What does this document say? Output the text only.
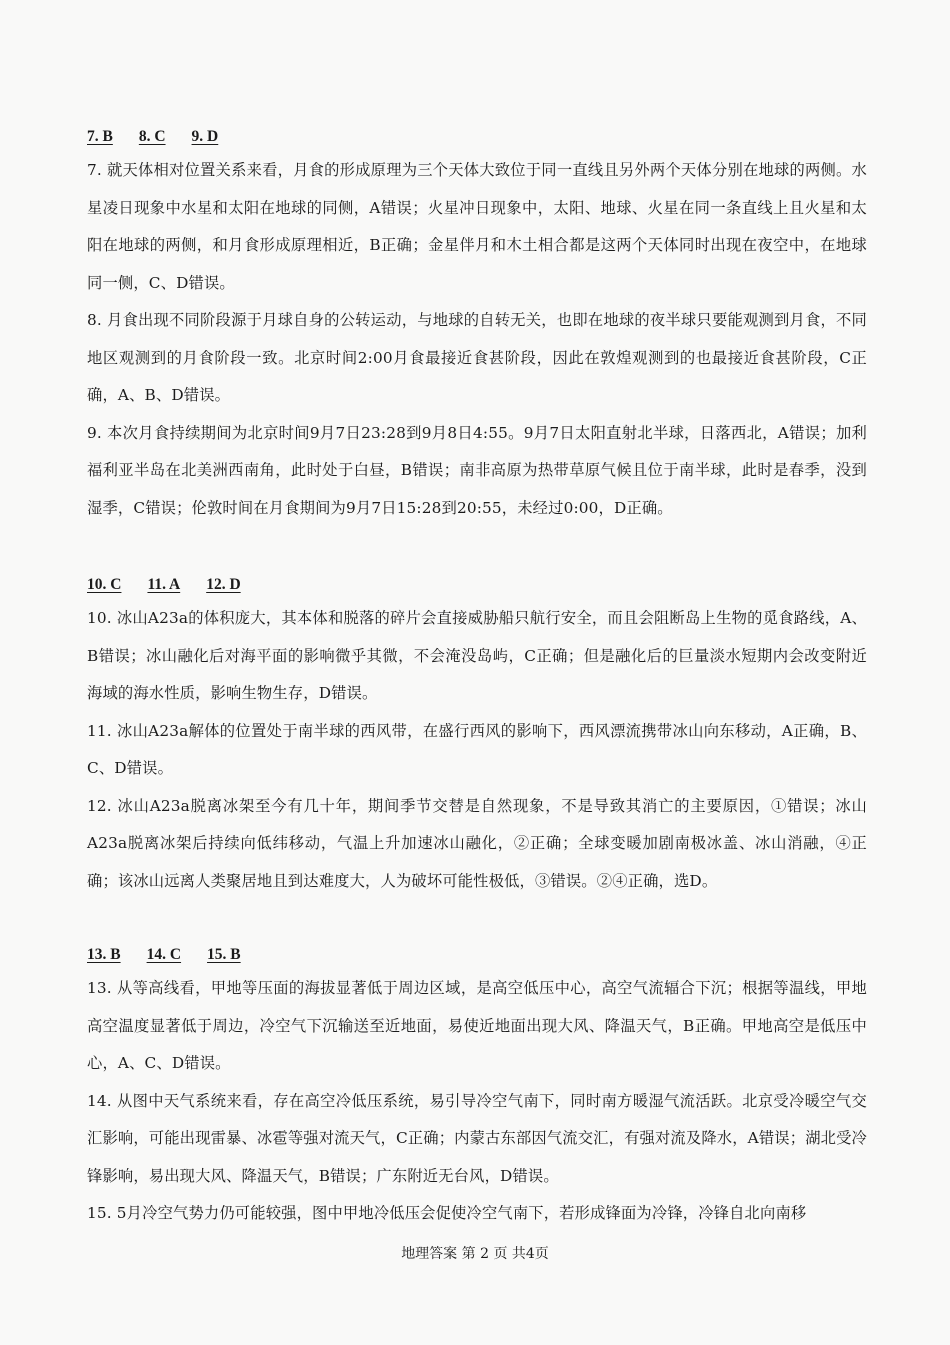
7. B 8. C 9. D

7. 就天体相对位置关系来看，月食的形成原理为三个天体大致位于同一直线且另外两个天体分别在地球的两侧。水星凌日现象中水星和太阳在地球的同侧，A错误；火星冲日现象中，太阳、地球、火星在同一条直线上且火星和太阳在地球的两侧，和月食形成原理相近，B正确；金星伴月和木土相合都是这两个天体同时出现在夜空中，在地球同一侧，C、D错误。

8. 月食出现不同阶段源于月球自身的公转运动，与地球的自转无关，也即在地球的夜半球只要能观测到月食，不同地区观测到的月食阶段一致。北京时间2:00月食最接近食甚阶段，因此在敦煌观测到的也最接近食甚阶段，C正确，A、B、D错误。

9. 本次月食持续期间为北京时间9月7日23:28到9月8日4:55。9月7日太阳直射北半球，日落西北，A错误；加利福利亚半岛在北美洲西南角，此时处于白昼，B错误；南非高原为热带草原气候且位于南半球，此时是春季，没到湿季，C错误；伦敦时间在月食期间为9月7日15:28到20:55，未经过0:00，D正确。

10. C 11. A 12. D

10. 冰山A23a的体积庞大，其本体和脱落的碎片会直接威胁船只航行安全，而且会阻断岛上生物的觅食路线，A、B错误；冰山融化后对海平面的影响微乎其微，不会淹没岛屿，C正确；但是融化后的巨量淡水短期内会改变附近海域的海水性质，影响生物生存，D错误。

11. 冰山A23a解体的位置处于南半球的西风带，在盛行西风的影响下，西风漂流携带冰山向东移动，A正确，B、C、D错误。

12. 冰山A23a脱离冰架至今有几十年，期间季节交替是自然现象，不是导致其消亡的主要原因，①错误；冰山A23a脱离冰架后持续向低纬移动，气温上升加速冰山融化，②正确；全球变暖加剧南极冰盖、冰山消融，④正确；该冰山远离人类聚居地且到达难度大，人为破坏可能性极低，③错误。②④正确，选D。

13. B 14. C 15. B

13. 从等高线看，甲地等压面的海拔显著低于周边区域，是高空低压中心，高空气流辐合下沉；根据等温线，甲地高空温度显著低于周边，冷空气下沉输送至近地面，易使近地面出现大风、降温天气，B正确。甲地高空是低压中心，A、C、D错误。

14. 从图中天气系统来看，存在高空冷低压系统，易引导冷空气南下，同时南方暖湿气流活跃。北京受冷暖空气交汇影响，可能出现雷暴、冰雹等强对流天气，C正确；内蒙古东部因气流交汇，有强对流及降水，A错误；湖北受冷锋影响，易出现大风、降温天气，B错误；广东附近无台风，D错误。

15. 5月冷空气势力仍可能较强，图中甲地冷低压会促使冷空气南下，若形成锋面为冷锋，冷锋自北向南移

地理答案 第 2 页 共4页
